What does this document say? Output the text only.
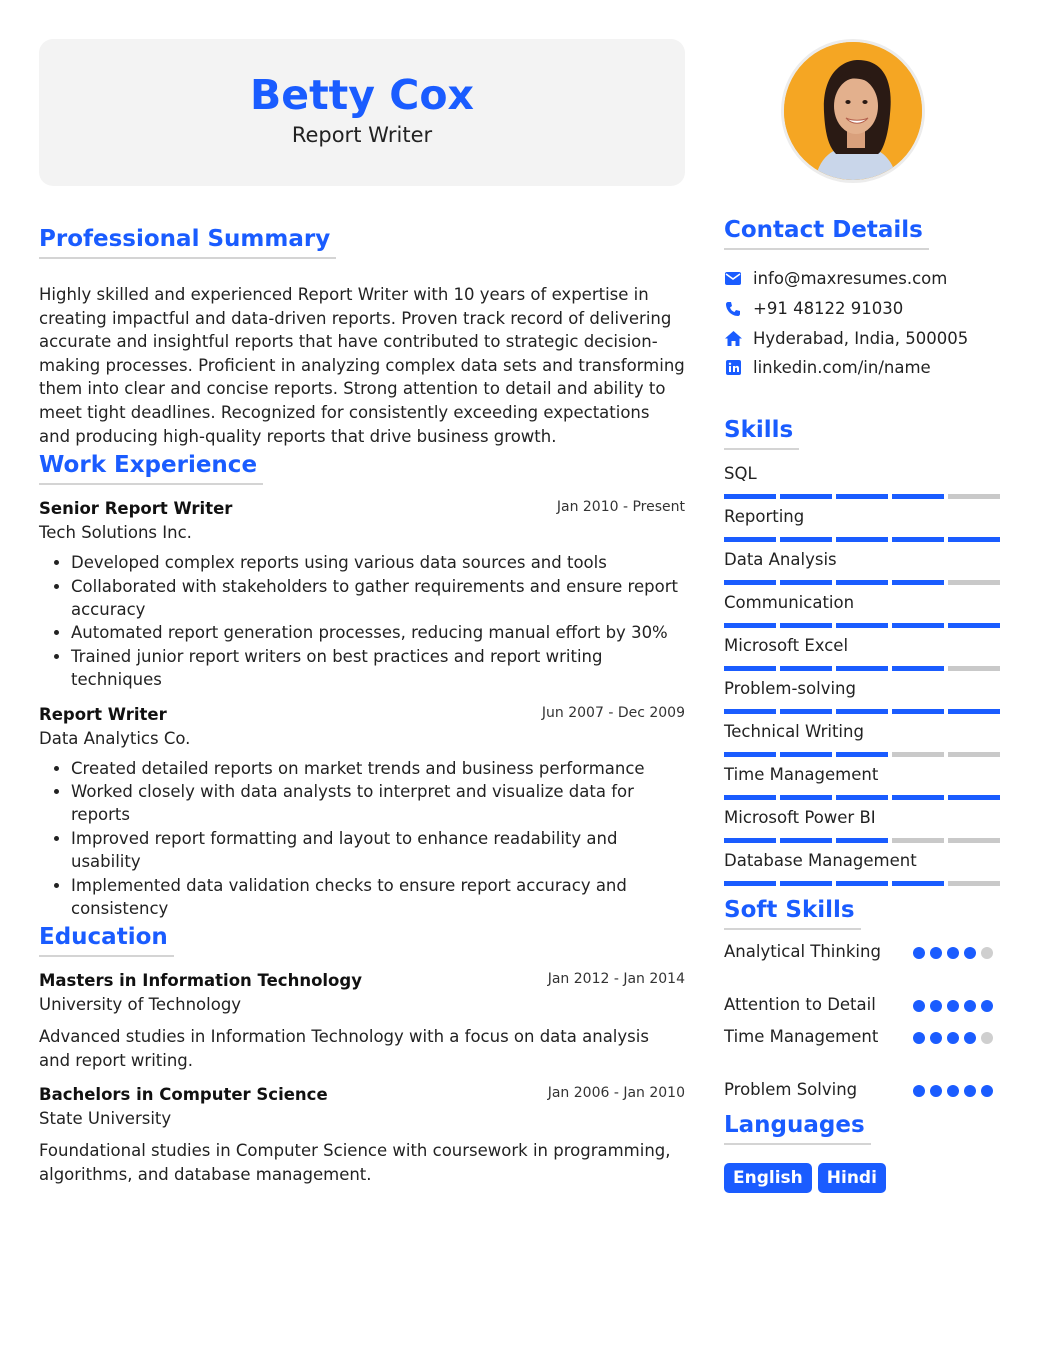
Betty Cox
Report Writer
Professional Summary

Highly skilled and experienced Report Writer with 10 years of expertise in creating impactful and data-driven reports. Proven track record of delivering accurate and insightful reports that have contributed to strategic decision-making processes. Proficient in analyzing complex data sets and transforming them into clear and concise reports. Strong attention to detail and ability to meet tight deadlines. Recognized for consistently exceeding expectations and producing high-quality reports that drive business growth.

Work Experience
Senior Report Writer	Jan 2010 - Present
Tech Solutions Inc.
• Developed complex reports using various data sources and tools
• Collaborated with stakeholders to gather requirements and ensure report accuracy
• Automated report generation processes, reducing manual effort by 30%
• Trained junior report writers on best practices and report writing techniques
Report Writer	Jun 2007 - Dec 2009
Data Analytics Co.
• Created detailed reports on market trends and business performance
• Worked closely with data analysts to interpret and visualize data for reports
• Improved report formatting and layout to enhance readability and usability
• Implemented data validation checks to ensure report accuracy and consistency
Education
Masters in Information Technology	Jan 2012 - Jan 2014
University of Technology

Advanced studies in Information Technology with a focus on data analysis and report writing.

Bachelors in Computer Science	Jan 2006 - Jan 2010
State University

Foundational studies in Computer Science with coursework in programming, algorithms, and database management.

Contact Details
info@maxresumes.com
+91 48122 91030
Hyderabad, India, 500005
linkedin.com/in/name
Skills
SQL
Reporting
Data Analysis
Communication
Microsoft Excel
Problem-solving
Technical Writing
Time Management
Microsoft Power BI
Database Management
Soft Skills
Analytical Thinking
Attention to Detail
Time Management
Problem Solving
Languages
English	Hindi
